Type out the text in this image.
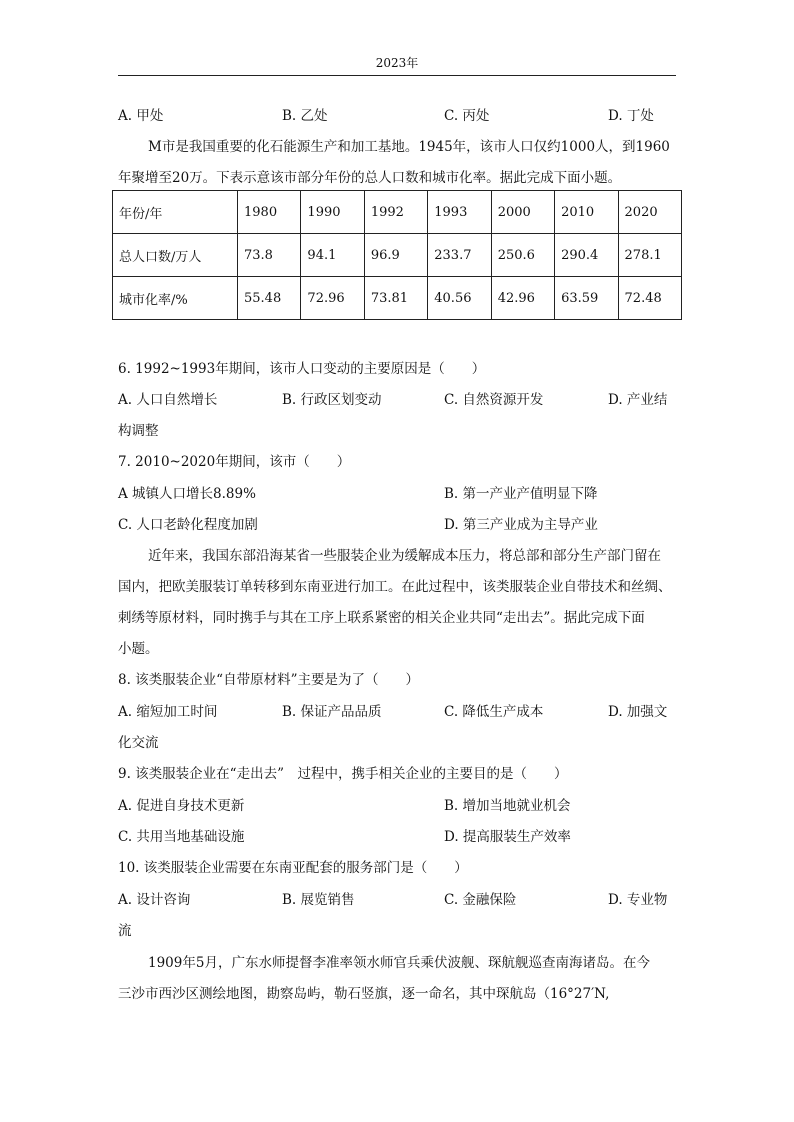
2023年
A. 甲处	B. 乙处	C. 丙处	D. 丁处
M市是我国重要的化石能源生产和加工基地。1945年，该市人口仅约1000人，到1960
年聚增至20万。下表示意该市部分年份的总人口数和城市化率。据此完成下面小题。
年份/年	1980	1990	1992	1993	2000	2010	2020
总人口数/万人	73.8	94.1	96.9	233.7	250.6	290.4	278.1
城市化率/%	55.48	72.96	73.81	40.56	42.96	63.59	72.48
6. 1992~1993年期间，该市人口变动的主要原因是（　　）
A. 人口自然增长	B. 行政区划变动	C. 自然资源开发	D. 产业结
构调整
7. 2010~2020年期间，该市（　　）
A 城镇人口增长8.89%	B. 第一产业产值明显下降
C. 人口老龄化程度加剧	D. 第三产业成为主导产业
近年来，我国东部沿海某省一些服装企业为缓解成本压力，将总部和部分生产部门留在
国内，把欧美服装订单转移到东南亚进行加工。在此过程中，该类服装企业自带技术和丝绸、
刺绣等原材料，同时携手与其在工序上联系紧密的相关企业共同“走出去”。据此完成下面
小题。
8. 该类服装企业“自带原材料”主要是为了（　　）
A. 缩短加工时间	B. 保证产品品质	C. 降低生产成本	D. 加强文
化交流
9. 该类服装企业在“走出去”　过程中，携手相关企业的主要目的是（　　）
A. 促进自身技术更新	B. 增加当地就业机会
C. 共用当地基础设施	D. 提高服装生产效率
10. 该类服装企业需要在东南亚配套的服务部门是（　　）
A. 设计咨询	B. 展览销售	C. 金融保险	D. 专业物
流
1909年5月，广东水师提督李准率领水师官兵乘伏波舰、琛航舰巡查南海诸岛。在今
三沙市西沙区测绘地图，勘察岛屿，勒石竖旗，逐一命名，其中琛航岛（16°27′N,
